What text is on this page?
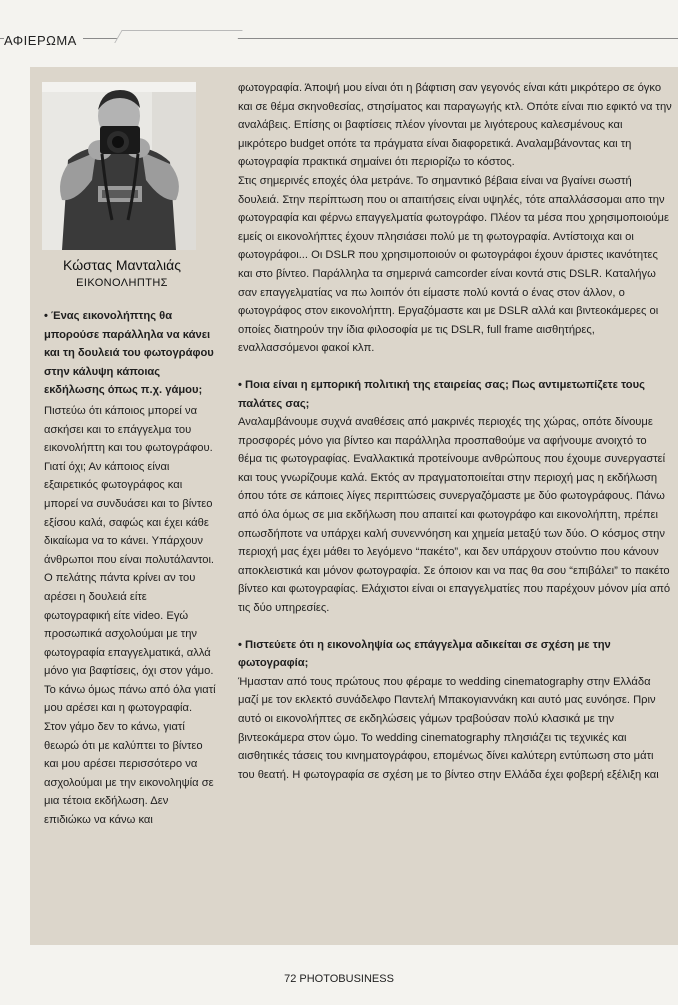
ΑΦΙΕΡΩΜΑ
Κώστας Μανταλιάς
ΕΙΚΟΝΟΛΗΠΤΗΣ

• Ένας εικονολήπτης θα μπορούσε παράλληλα να κάνει και τη δουλειά του φωτογράφου στην κάλυψη κάποιας εκδήλωσης όπως π.χ. γάμου;

Πιστεύω ότι κάποιος μπορεί να ασκήσει και το επάγγελμα του εικονολήπτη και του φωτογράφου. Γιατί όχι; Αν κάποιος είναι εξαιρετικός φωτογράφος και μπορεί να συνδυάσει και το βίντεο εξίσου καλά, σαφώς και έχει κάθε δικαίωμα να το κάνει. Υπάρχουν άνθρωποι που είναι πολυτάλαντοι.

Ο πελάτης πάντα κρίνει αν του αρέσει η δουλειά είτε φωτογραφική είτε video. Εγώ προσωπικά ασχολούμαι με την φωτογραφία επαγγελματικά, αλλά μόνο για βαφτίσεις, όχι στον γάμο. Το κάνω όμως πάνω από όλα γιατί μου αρέσει και η φωτογραφία.

Στον γάμο δεν το κάνω, γιατί θεωρώ ότι με καλύπτει το βίντεο και μου αρέσει περισσότερο να ασχολούμαι με την εικονοληψία σε μια τέτοια εκδήλωση. Δεν επιδιώκω να κάνω και

φωτογραφία. Άποψή μου είναι ότι η βάφτιση σαν γεγονός είναι κάτι μικρότερο σε όγκο και σε θέμα σκηνοθεσίας, στησίματος και παραγωγής κτλ. Οπότε είναι πιο εφικτό να την αναλάβεις. Επίσης οι βαφτίσεις πλέον γίνονται με λιγότερους καλεσμένους και μικρότερο budget οπότε τα πράγματα είναι διαφορετικά. Αναλαμβάνοντας και τη φωτογραφία πρακτικά σημαίνει ότι περιορίζω το κόστος.

Στις σημερινές εποχές όλα μετράνε. Το σημαντικό βέβαια είναι να βγαίνει σωστή δουλειά. Στην περίπτωση που οι απαιτήσεις είναι υψηλές, τότε απαλλάσσομαι απο την φωτογραφία και φέρνω επαγγελματία φωτογράφο. Πλέον τα μέσα που χρησιμοποιούμε εμείς οι εικονολήπτες έχουν πλησιάσει πολύ με τη φωτογραφία. Αντίστοιχα και οι φωτογράφοι... Οι DSLR που χρησιμοποιούν οι φωτογράφοι έχουν άριστες ικανότητες και στο βίντεο. Παράλληλα τα σημερινά camcorder είναι κοντά στις DSLR. Καταλήγω σαν επαγγελματίας να πω λοιπόν ότι είμαστε πολύ κοντά ο ένας στον άλλον, ο φωτογράφος στον εικονολήπτη. Εργαζόμαστε και με DSLR αλλά και βιντεοκάμερες οι οποίες διατηρούν την ίδια φιλοσοφία με τις DSLR, full frame αισθητήρες, εναλλασσόμενοι φακοί κλπ.

• Ποια είναι η εμπορική πολιτική της εταιρείας σας; Πως αντιμετωπίζετε τους παλάτες σας;

Αναλαμβάνουμε συχνά αναθέσεις από μακρινές περιοχές της χώρας, οπότε δίνουμε προσφορές μόνο για βίντεο και παράλληλα προσπαθούμε να αφήνουμε ανοιχτό το θέμα τις φωτογραφίας. Εναλλακτικά προτείνουμε ανθρώπους που έχουμε συνεργαστεί και τους γνωρίζουμε καλά. Εκτός αν πραγματοποιείται στην περιοχή μας η εκδήλωση όπου τότε σε κάποιες λίγες περιπτώσεις συνεργαζόμαστε με δύο φωτογράφους. Πάνω από όλα όμως σε μια εκδήλωση που απαιτεί και φωτογράφο και εικονολήπτη, πρέπει οπωσδήποτε να υπάρχει καλή συνεννόηση και χημεία μεταξύ των δύο. Ο κόσμος στην περιοχή μας έχει μάθει το λεγόμενο “πακέτο”, και δεν υπάρχουν στούντιο που κάνουν αποκλειστικά και μόνον φωτογραφία. Σε όποιον και να πας θα σου “επιβάλει” το πακέτο βίντεο και φωτογραφίας. Ελάχιστοι είναι οι επαγγελματίες που παρέχουν μόνον μία από τις δύο υπηρεσίες.

• Πιστεύετε ότι η εικονοληψία ως επάγγελμα αδικείται σε σχέση με την φωτογραφία;

Ήμασταν από τους πρώτους που φέραμε το wedding cinematography στην Ελλάδα μαζί με τον εκλεκτό συνάδελφο Παντελή Μπακογιαννάκη και αυτό μας ευνόησε. Πριν αυτό οι εικονολήπτες σε εκδηλώσεις γάμων τραβούσαν πολύ κλασικά με την βιντεοκάμερα στον ώμο. Το wedding cinematography πλησιάζει τις τεχνικές και αισθητικές τάσεις του κινηματογράφου, επομένως δίνει καλύτερη εντύπωση στο μάτι του θεατή. Η φωτογραφία σε σχέση με το βίντεο στην Ελλάδα έχει φοβερή εξέλιξη και

72 PHOTOBUSINESS
